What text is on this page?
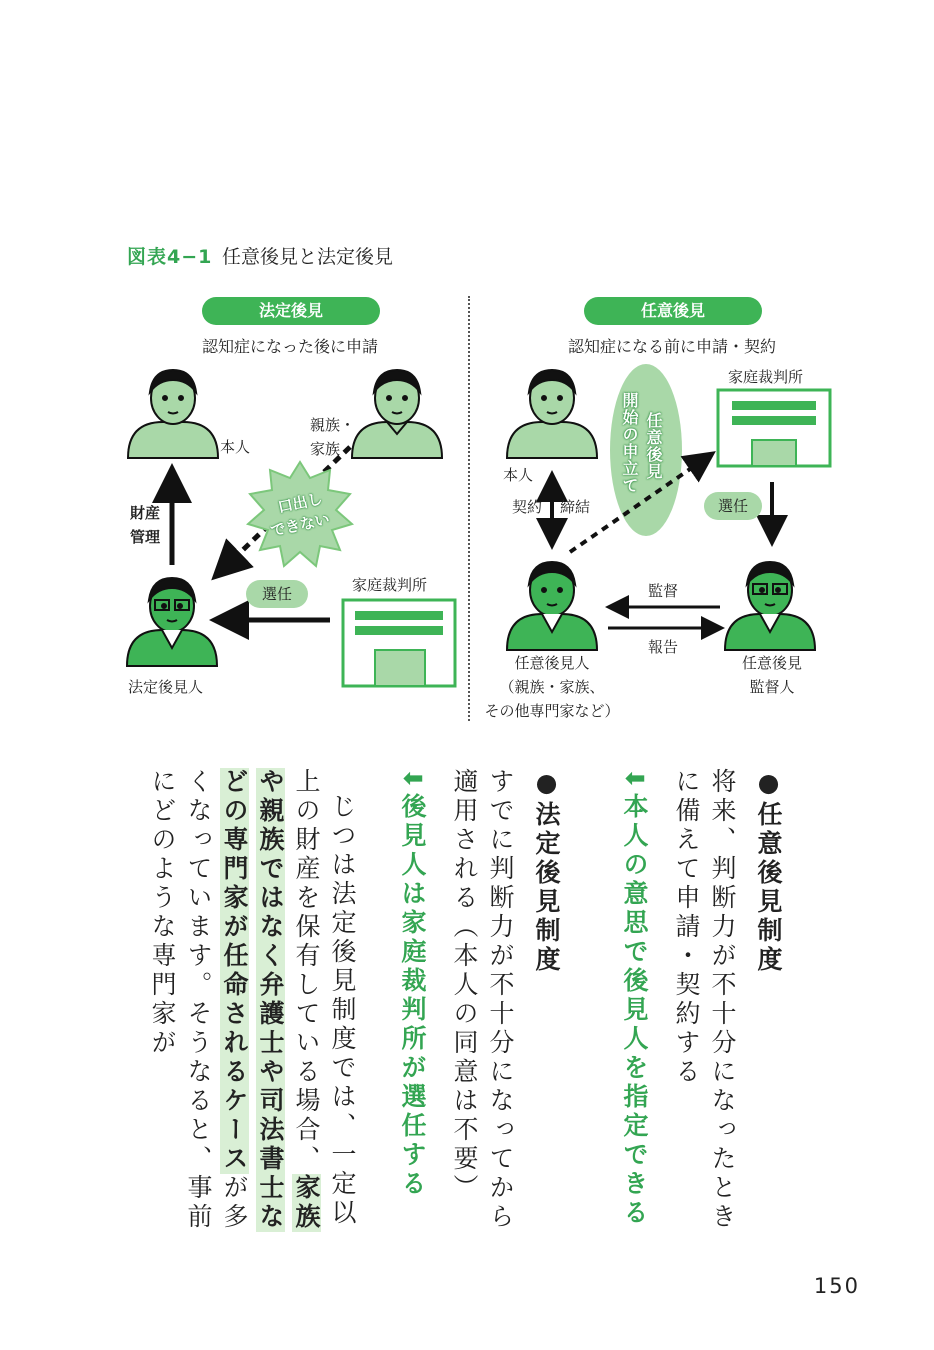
図表4−1 任意後見と法定後見
法定後見
認知症になった後に申請
本人
親族・
家族
財産
管理
口出し
できない
選任	家庭裁判所
法定後見人
任意後見
認知症になる前に申請・契約
家庭裁判所
本人
契約 締結
開始の申立て 任意後見
選任
監督
報告
任意後見人
（親族・家族、
その他専門家など）
任意後見
監督人
●任意後見制度
将来、判断力が不十分になったときに備えて申請・契約する
⬇本人の意思で後見人を指定できる
●法定後見制度
すでに判断力が不十分になってから適用される（本人の同意は不要）
⬇後見人は家庭裁判所が選任する
じつは法定後見制度では、一定以上の財産を保有している場合、家族や親族ではなく弁護士や司法書士などの専門家が任命されるケースが多くなっています。そうなると、事前にどのような専門家が
150
